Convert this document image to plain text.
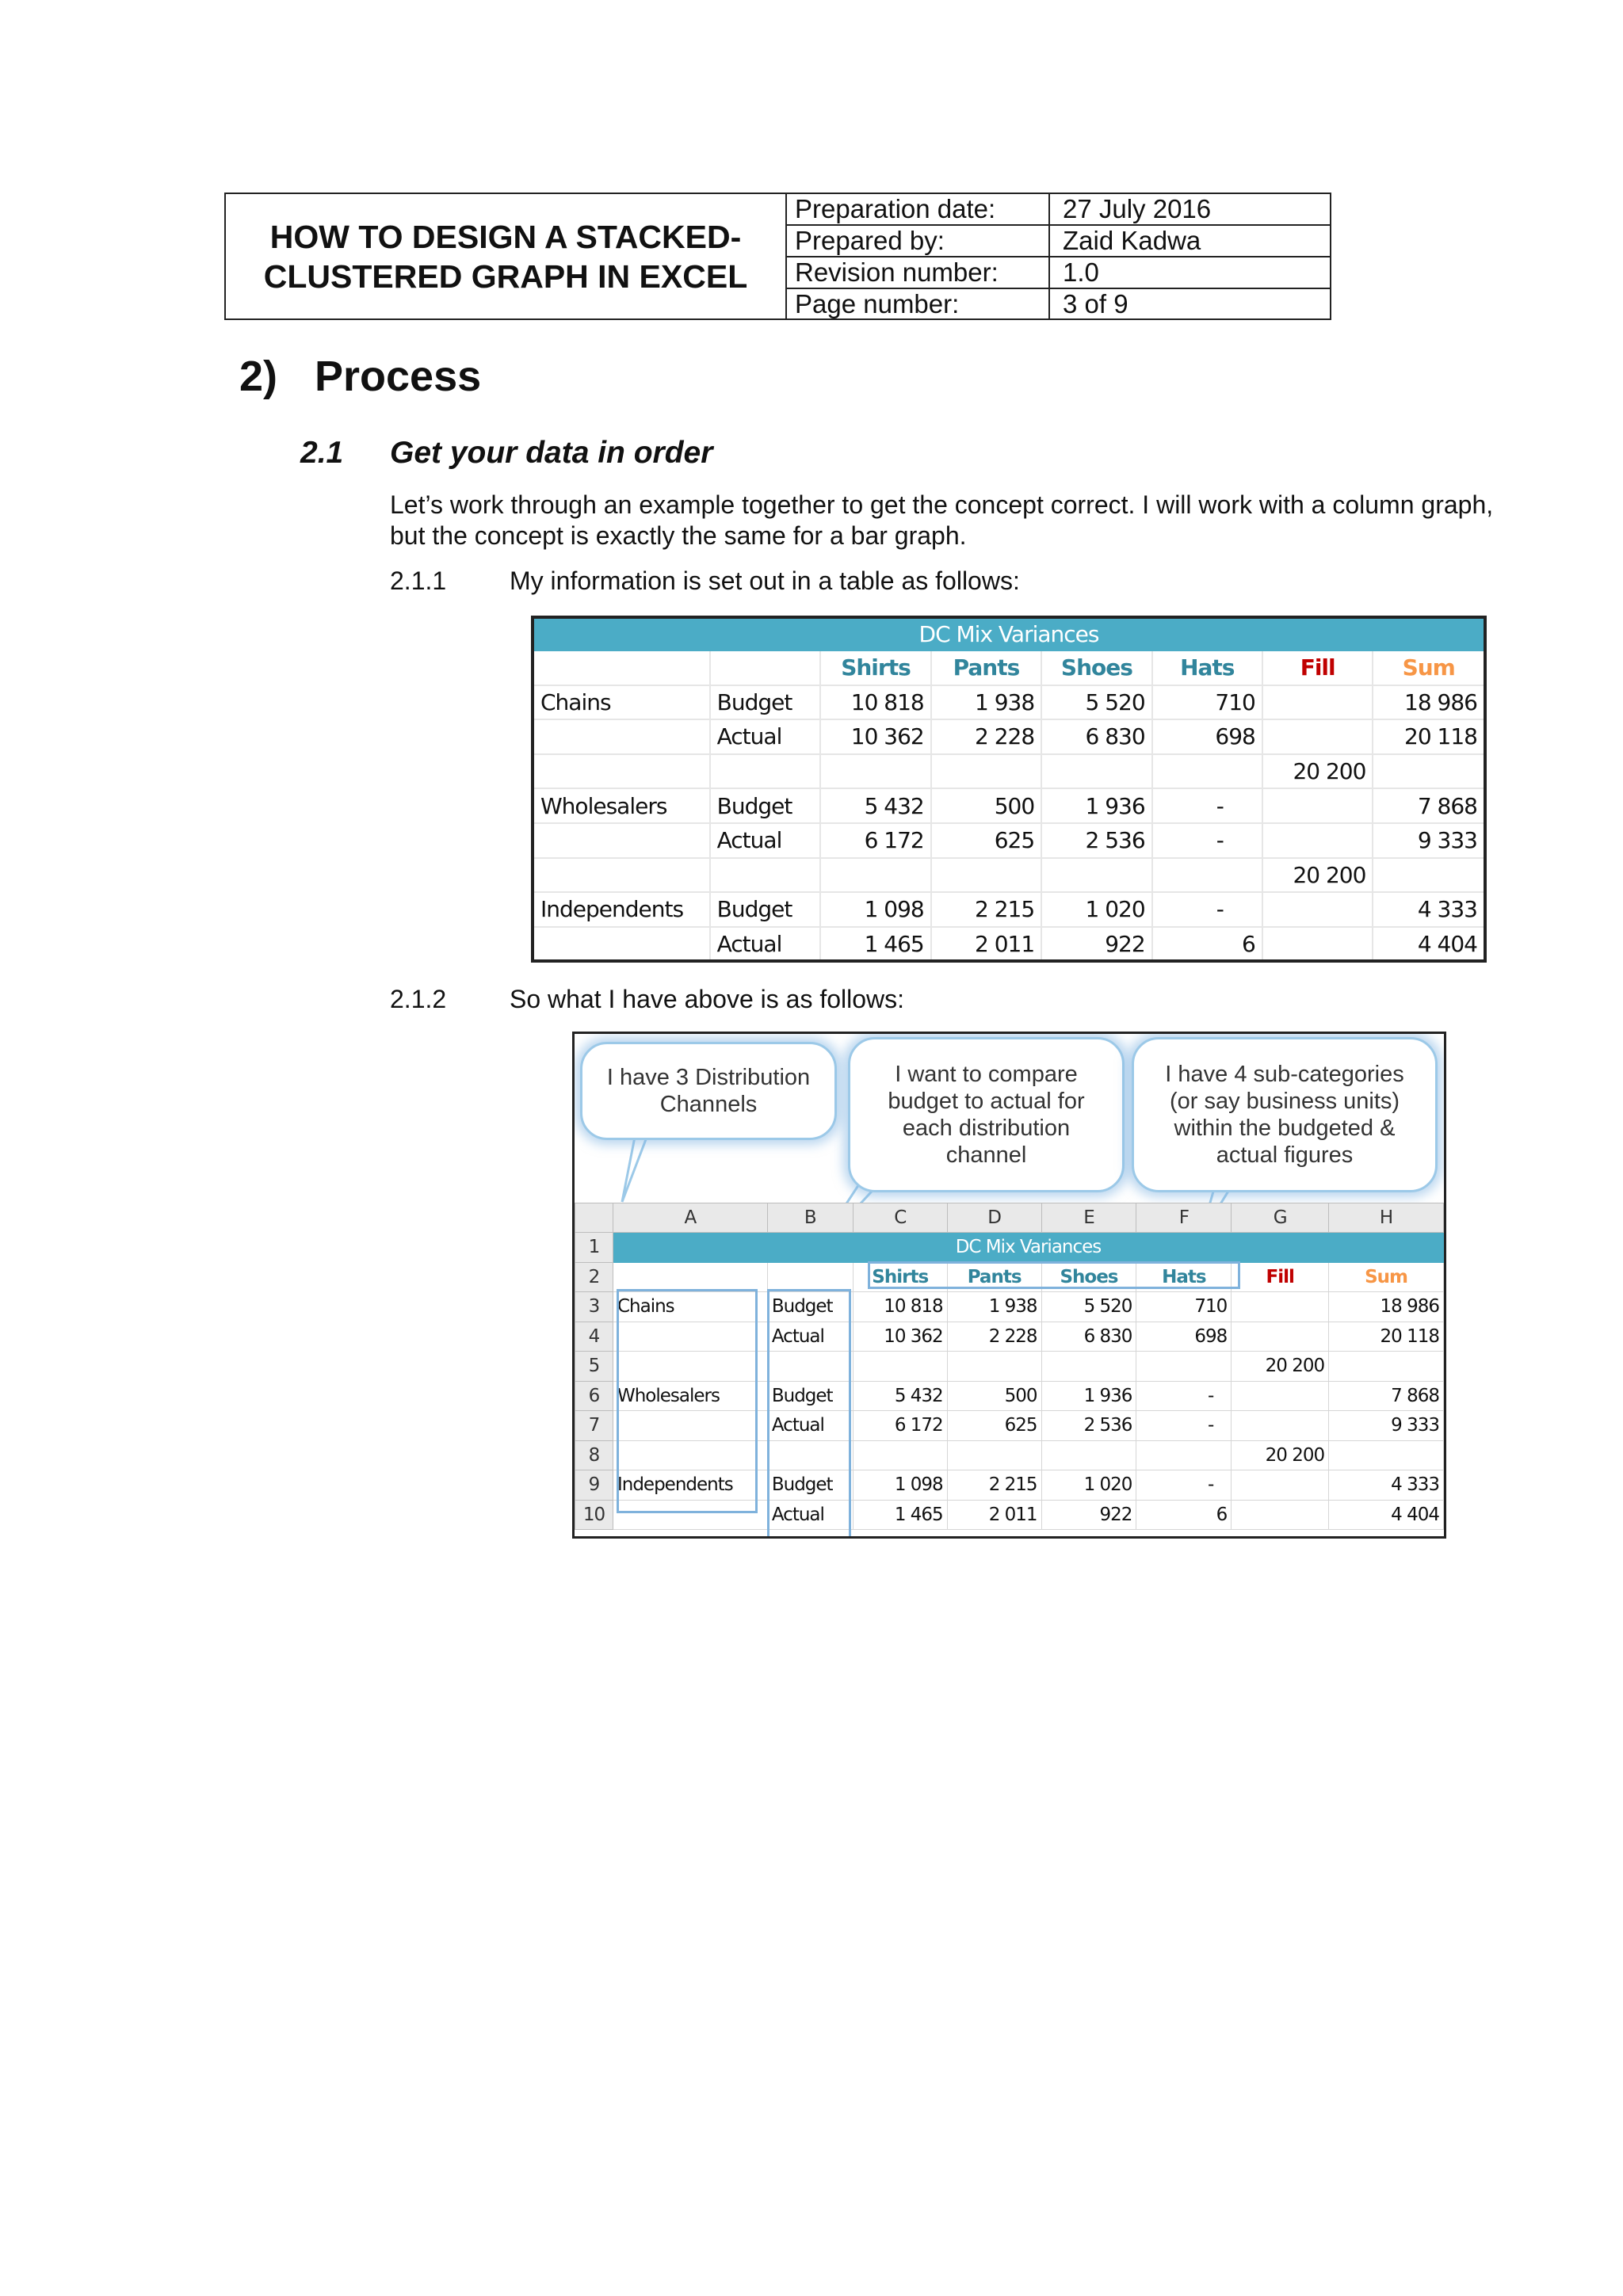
HOW TO DESIGN A STACKED-
CLUSTERED GRAPH IN EXCEL
Preparation date:	27 July 2016
Prepared by:	Zaid Kadwa
Revision number:	1.0
Page number:	3 of 9
2) Process
2.1 Get your data in order
Let’s work through an example together to get the concept correct. I will work with a column graph, but the concept is exactly the same for a bar graph.
2.1.1 My information is set out in a table as follows:
DC Mix Variances							
		Shirts	Pants	Shoes	Hats	Fill	Sum
Chains	Budget	10 818	1 938	5 520	710		18 986
	Actual	10 362	2 228	6 830	698		20 118
						20 200	
Wholesalers	Budget	5 432	500	1 936	-		7 868
	Actual	6 172	625	2 536	-		9 333
						20 200	
Independents	Budget	1 098	2 215	1 020	-		4 333
	Actual	1 465	2 011	922	6		4 404
2.1.2 So what I have above is as follows:
I have 3 Distribution
Channels
I want to compare
budget to actual for
each distribution
channel
I have 4 sub-categories
(or say business units)
within the budgeted &
actual figures
	A	B	C	D	E	F	G	H
1	DC Mix Variances							
2			Shirts	Pants	Shoes	Hats	Fill	Sum
3	Chains	Budget	10 818	1 938	5 520	710		18 986
4		Actual	10 362	2 228	6 830	698		20 118
5							20 200	
6	Wholesalers	Budget	5 432	500	1 936	-		7 868
7		Actual	6 172	625	2 536	-		9 333
8							20 200	
9	Independents	Budget	1 098	2 215	1 020	-		4 333
10		Actual	1 465	2 011	922	6		4 404
